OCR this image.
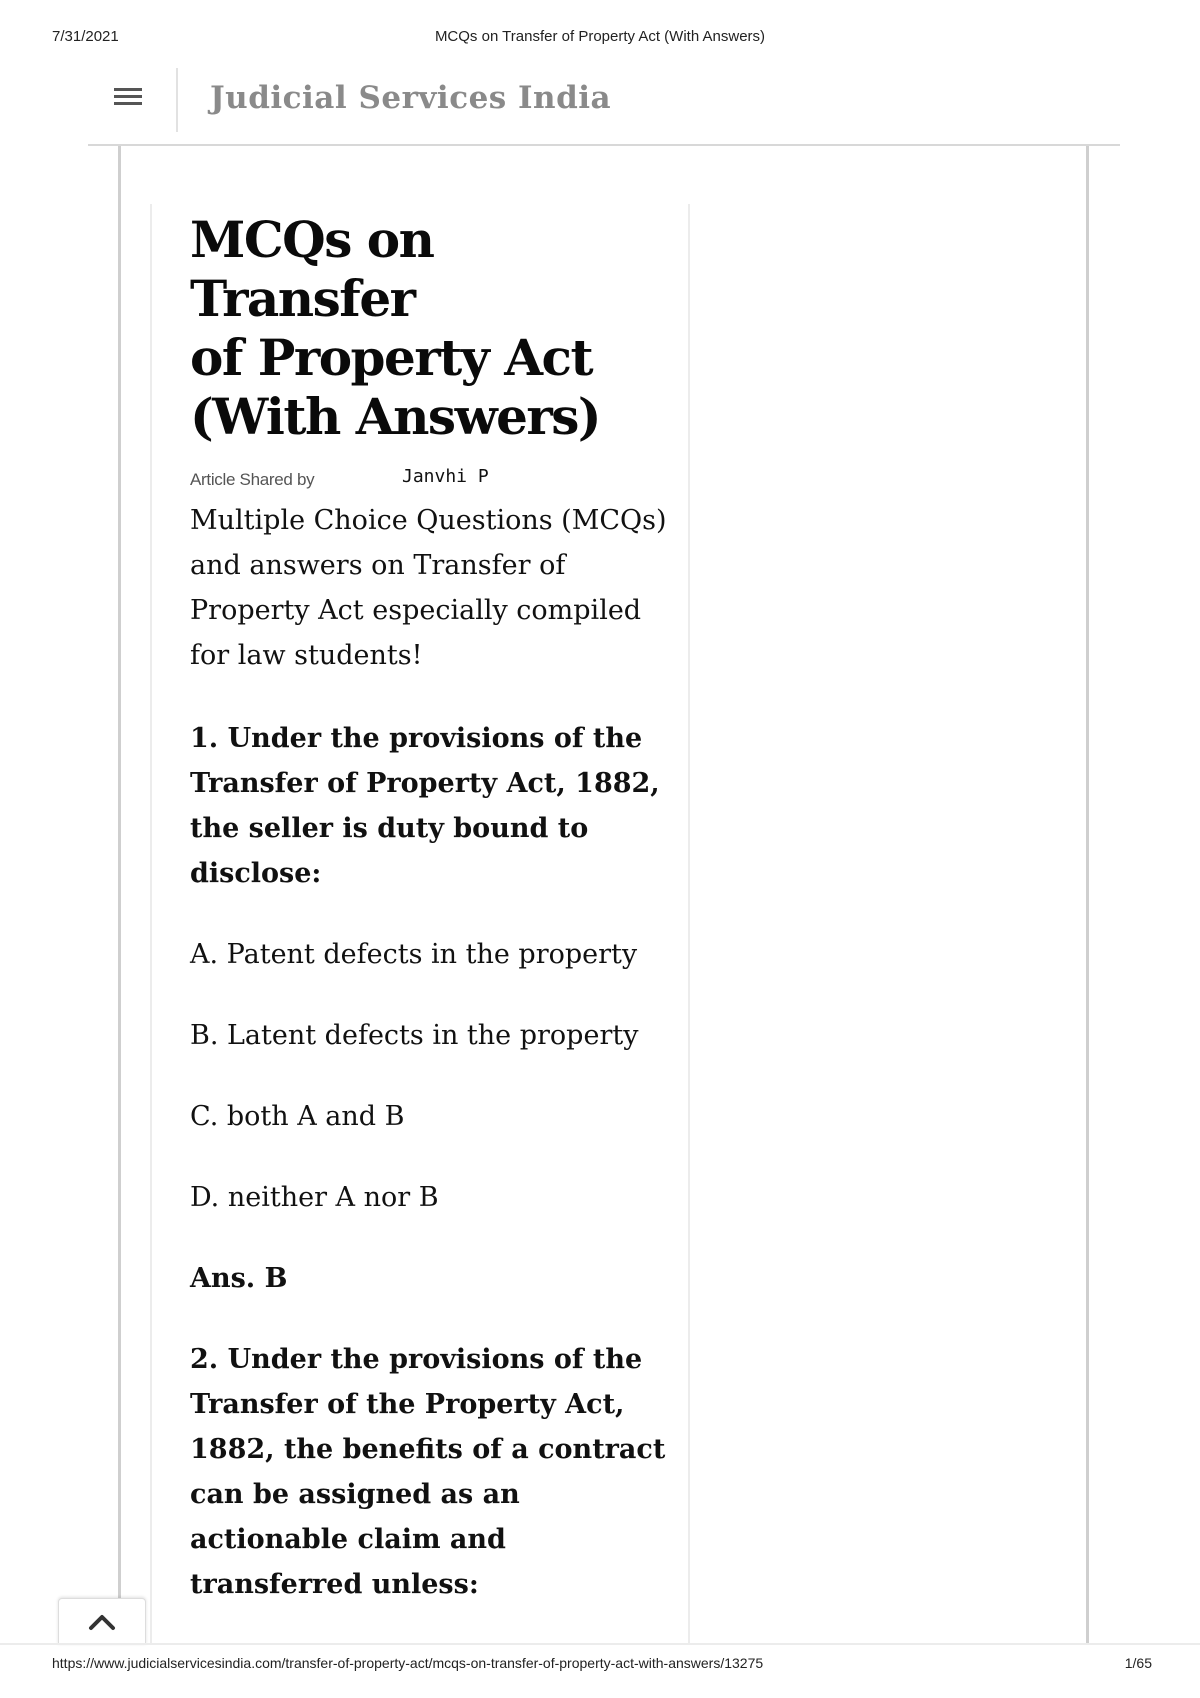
7/31/2021	MCQs on Transfer of Property Act (With Answers)
Judicial Services India
MCQs on Transfer
of Property Act
(With Answers)
Article Shared by	Janvhi P

Multiple Choice Questions (MCQs) and answers on Transfer of Property Act especially compiled for law students!

1. Under the provisions of the Transfer of Property Act, 1882, the seller is duty bound to disclose:

A. Patent defects in the property

B. Latent defects in the property

C. both A and B

D. neither A nor B

Ans. B

2. Under the provisions of the Transfer of the Property Act, 1882, the benefits of a contract can be assigned as an actionable claim and transferred unless:

https://www.judicialservicesindia.com/transfer-of-property-act/mcqs-on-transfer-of-property-act-with-answers/13275	1/65
